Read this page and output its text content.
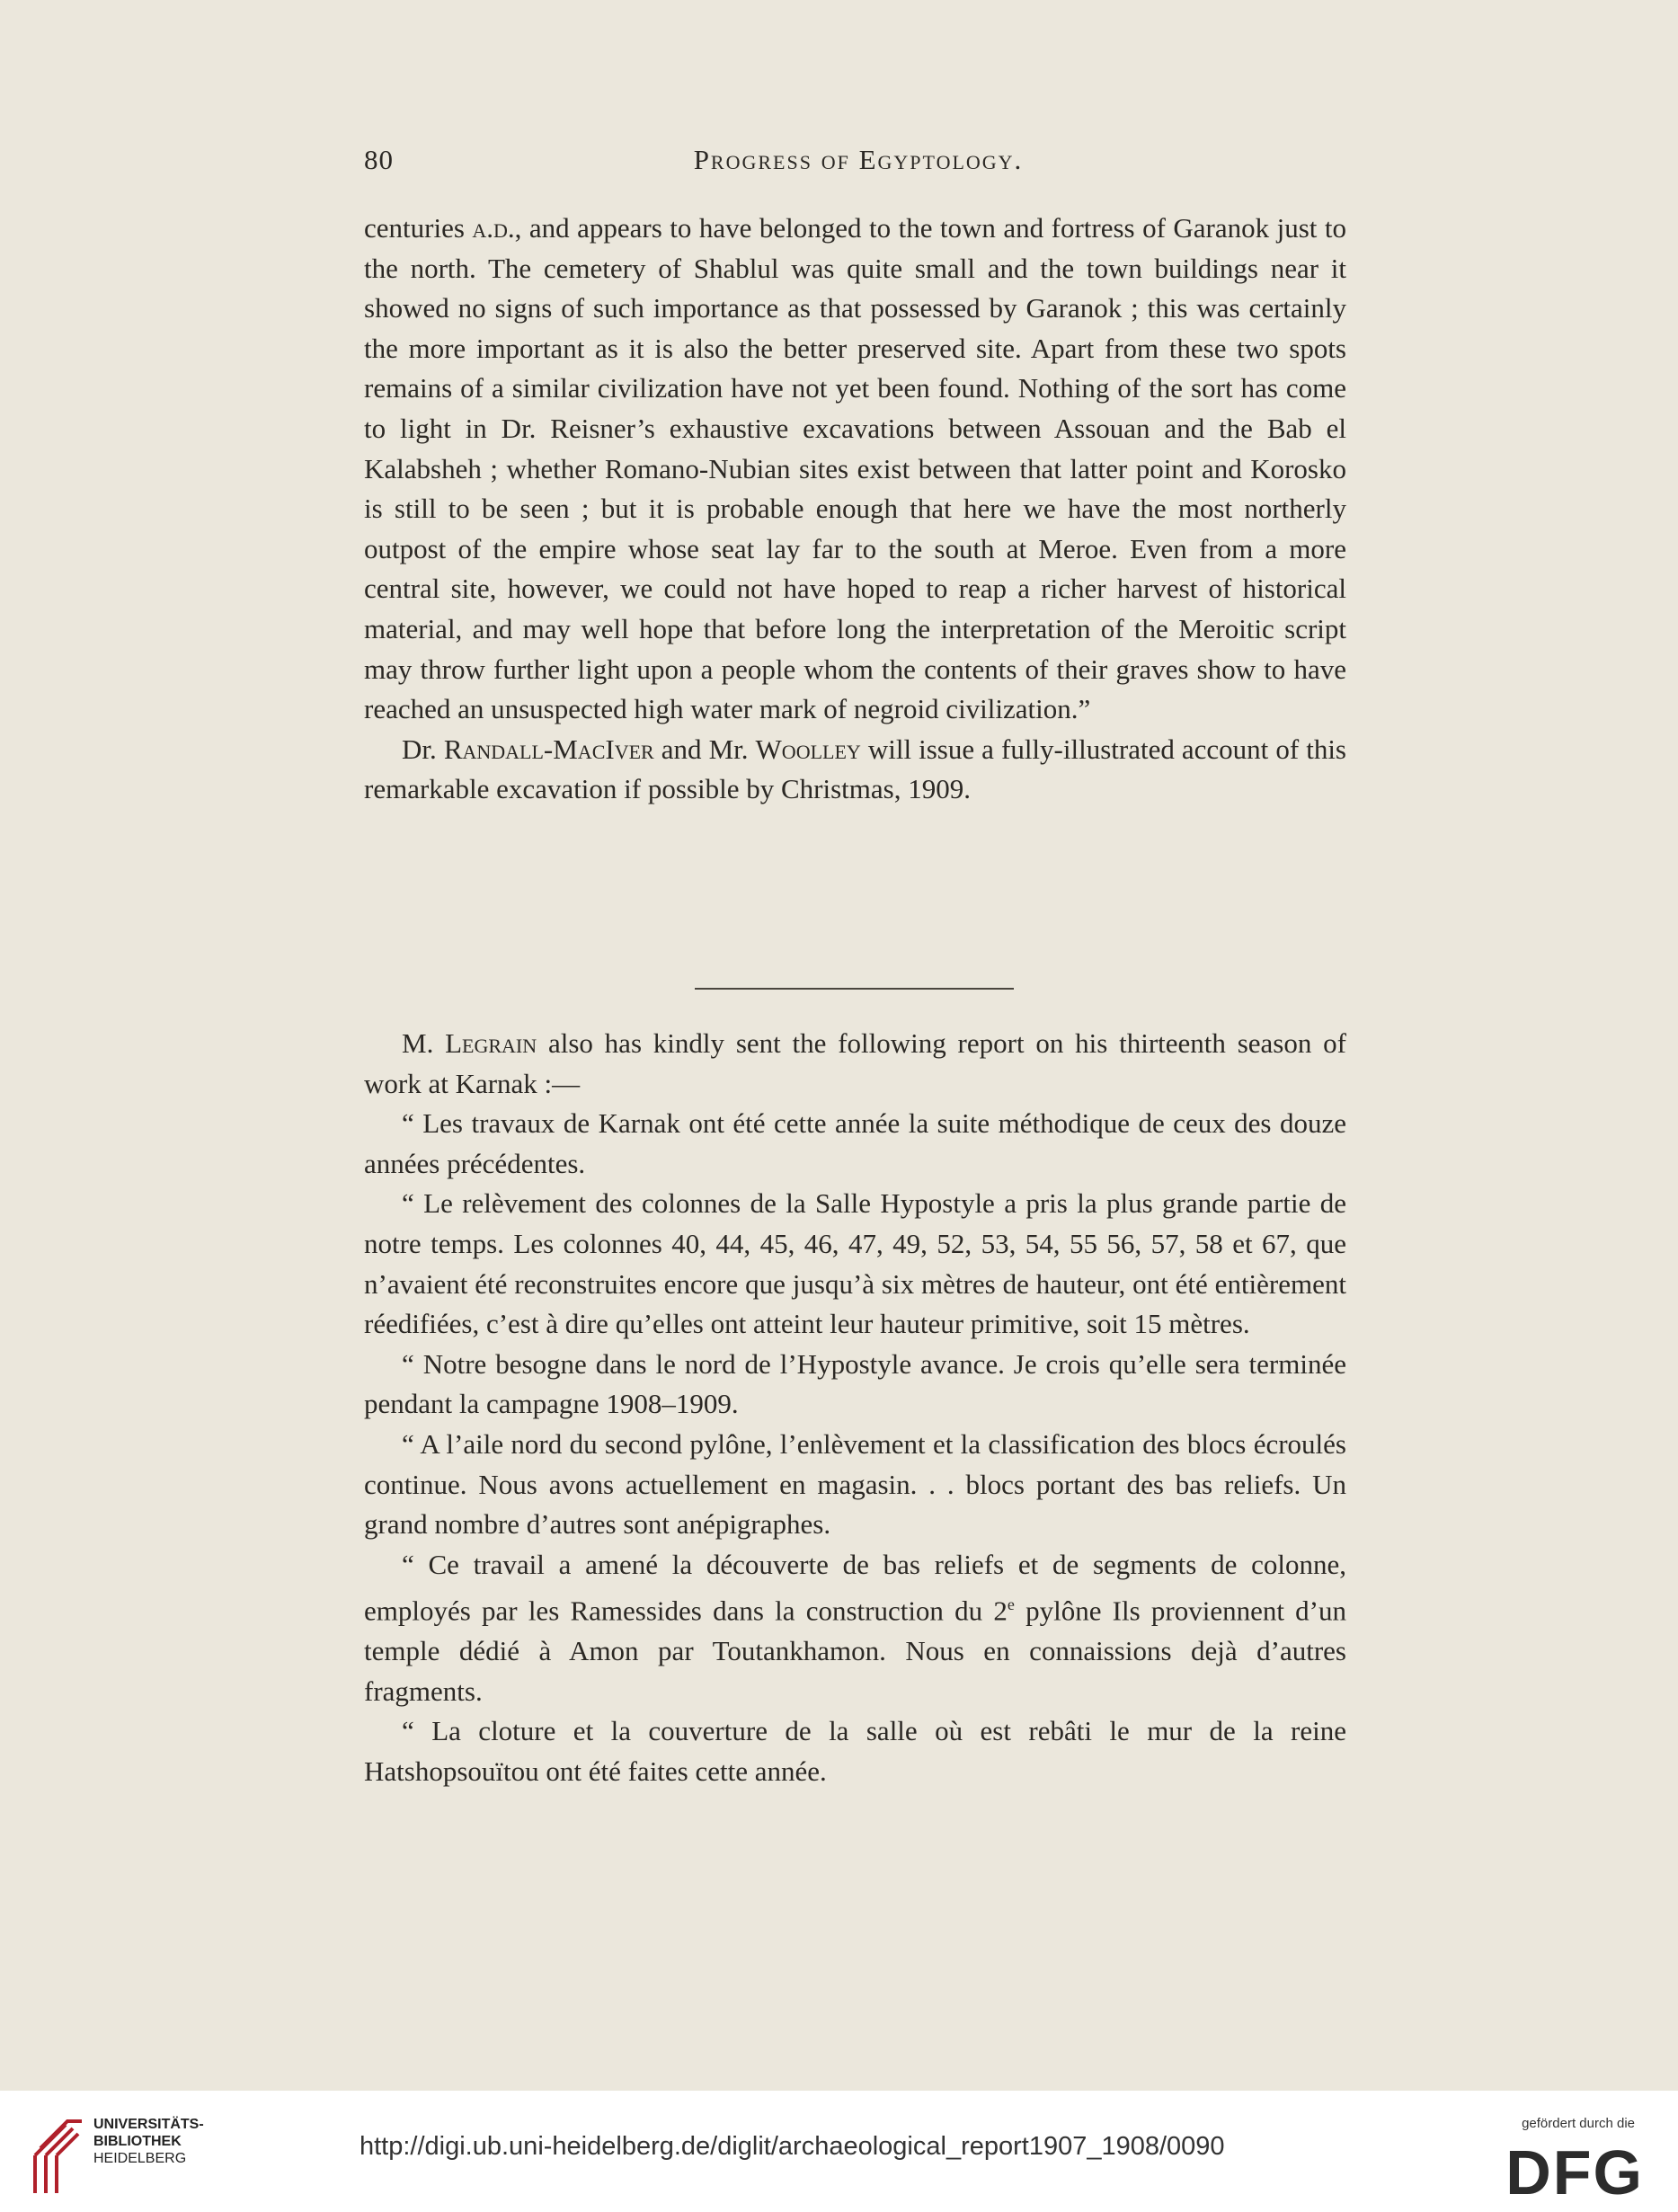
80	Progress of Egyptology.

centuries a.d., and appears to have belonged to the town and fortress of Garanok just to the north. The cemetery of Shablul was quite small and the town buildings near it showed no signs of such importance as that possessed by Garanok ; this was certainly the more important as it is also the better preserved site. Apart from these two spots remains of a similar civilization have not yet been found. Nothing of the sort has come to light in Dr. Reisner’s exhaustive excavations between Assouan and the Bab el Kalabsheh ; whether Romano-Nubian sites exist between that latter point and Korosko is still to be seen ; but it is probable enough that here we have the most northerly outpost of the empire whose seat lay far to the south at Meroe. Even from a more central site, however, we could not have hoped to reap a richer harvest of historical material, and may well hope that before long the interpretation of the Meroitic script may throw further light upon a people whom the contents of their graves show to have reached an unsuspected high water mark of negroid civilization.”

Dr. Randall-MacIver and Mr. Woolley will issue a fully-illustrated account of this remarkable excavation if possible by Christmas, 1909.

M. Legrain also has kindly sent the following report on his thirteenth season of work at Karnak :—

“ Les travaux de Karnak ont été cette année la suite méthodique de ceux des douze années précédentes.

“ Le relèvement des colonnes de la Salle Hypostyle a pris la plus grande partie de notre temps. Les colonnes 40, 44, 45, 46, 47, 49, 52, 53, 54, 55 56, 57, 58 et 67, que n’avaient été reconstruites encore que jusqu’à six mètres de hauteur, ont été entièrement réedifiées, c’est à dire qu’elles ont atteint leur hauteur primitive, soit 15 mètres.

“ Notre besogne dans le nord de l’Hypostyle avance. Je crois qu’elle sera terminée pendant la campagne 1908–1909.

“ A l’aile nord du second pylône, l’enlèvement et la classification des blocs écroulés continue. Nous avons actuellement en magasin. . . blocs portant des bas reliefs. Un grand nombre d’autres sont anépigraphes.

“ Ce travail a amené la découverte de bas reliefs et de segments de colonne, employés par les Ramessides dans la construction du 2e pylône Ils proviennent d’un temple dédié à Amon par Toutankhamon. Nous en connaissions dejà d’autres fragments.

“ La cloture et la couverture de la salle où est rebâti le mur de la reine Hatshopsouïtou ont été faites cette année.

UNIVERSITÄTS-
BIBLIOTHEK
HEIDELBERG	http://digi.ub.uni-heidelberg.de/diglit/archaeological_report1907_1908/0090
gefördert durch die
DFG
